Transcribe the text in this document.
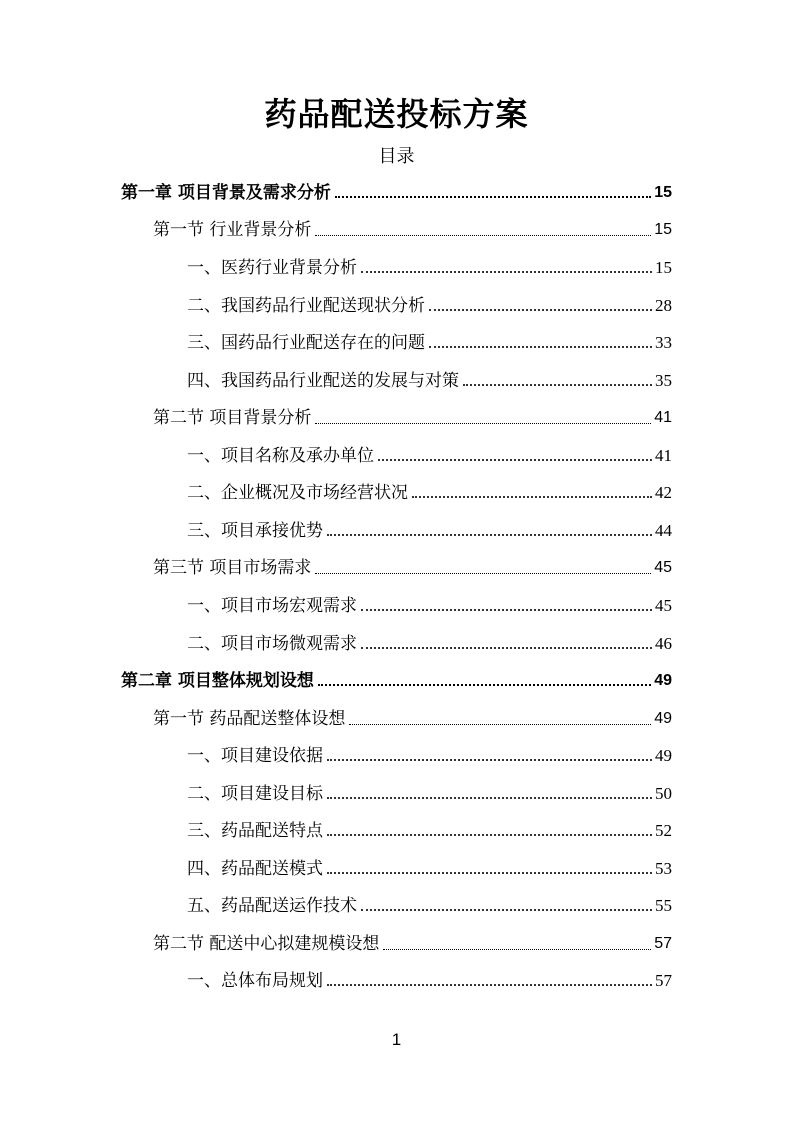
药品配送投标方案
目录
第一章 项目背景及需求分析	15
第一节 行业背景分析	15
一、医药行业背景分析	15
二、我国药品行业配送现状分析	28
三、国药品行业配送存在的问题	33
四、我国药品行业配送的发展与对策	35
第二节 项目背景分析	41
一、项目名称及承办单位	41
二、企业概况及市场经营状况	42
三、项目承接优势	44
第三节 项目市场需求	45
一、项目市场宏观需求	45
二、项目市场微观需求	46
第二章 项目整体规划设想	49
第一节 药品配送整体设想	49
一、项目建设依据	49
二、项目建设目标	50
三、药品配送特点	52
四、药品配送模式	53
五、药品配送运作技术	55
第二节 配送中心拟建规模设想	57
一、总体布局规划	57
1
